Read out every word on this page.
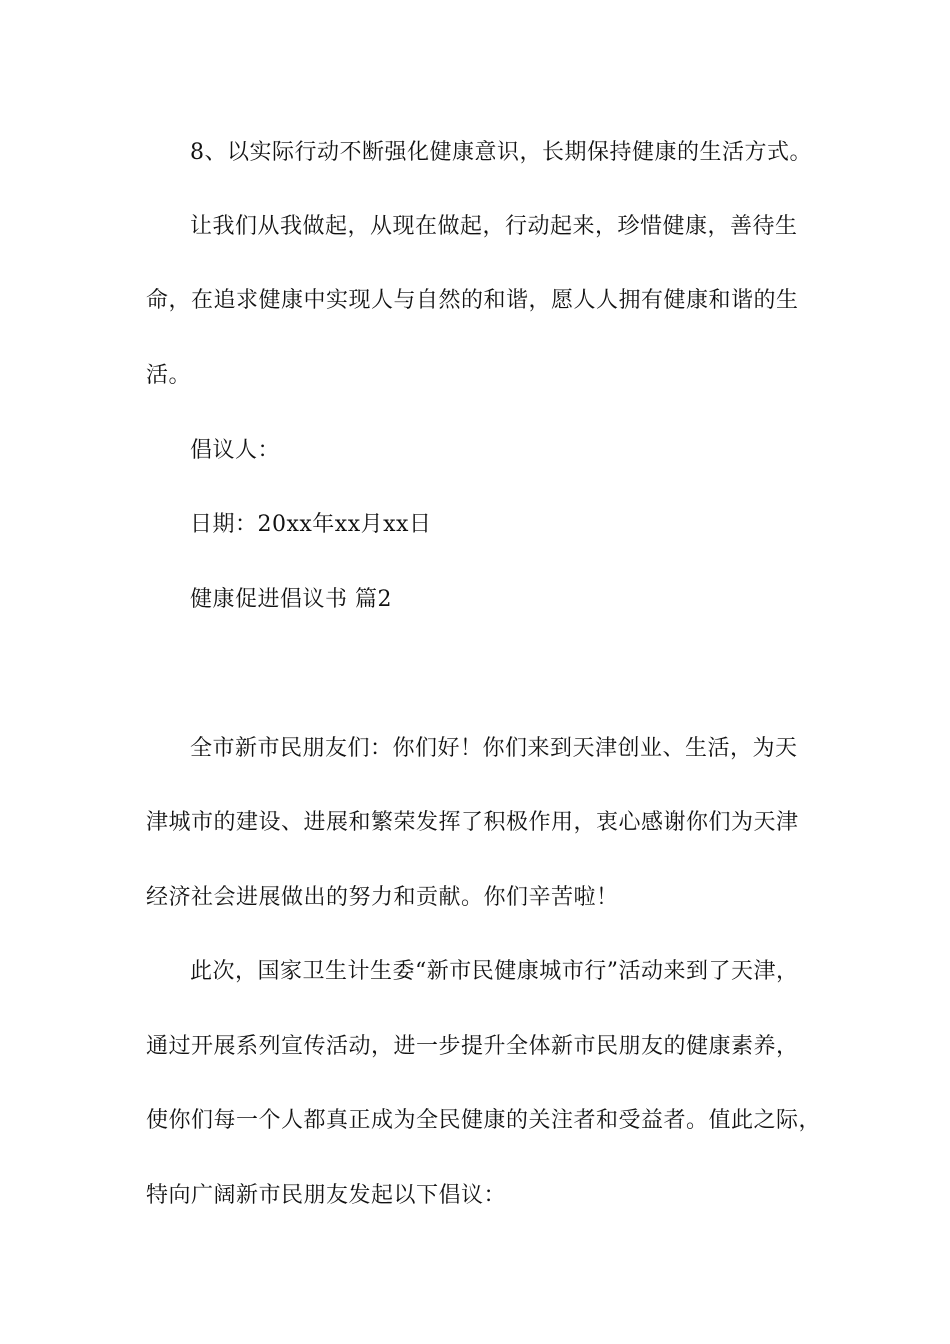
8、以实际行动不断强化健康意识，长期保持健康的生活方式。
让我们从我做起，从现在做起，行动起来，珍惜健康，善待生
命，在追求健康中实现人与自然的和谐，愿人人拥有健康和谐的生
活。
倡议人：
日期：20xx年xx月xx日
健康促进倡议书 篇2
全市新市民朋友们：你们好！你们来到天津创业、生活，为天
津城市的建设、进展和繁荣发挥了积极作用，衷心感谢你们为天津
经济社会进展做出的努力和贡献。你们辛苦啦！
此次，国家卫生计生委“新市民健康城市行”活动来到了天津，
通过开展系列宣传活动，进一步提升全体新市民朋友的健康素养，
使你们每一个人都真正成为全民健康的关注者和受益者。值此之际，
特向广阔新市民朋友发起以下倡议：
